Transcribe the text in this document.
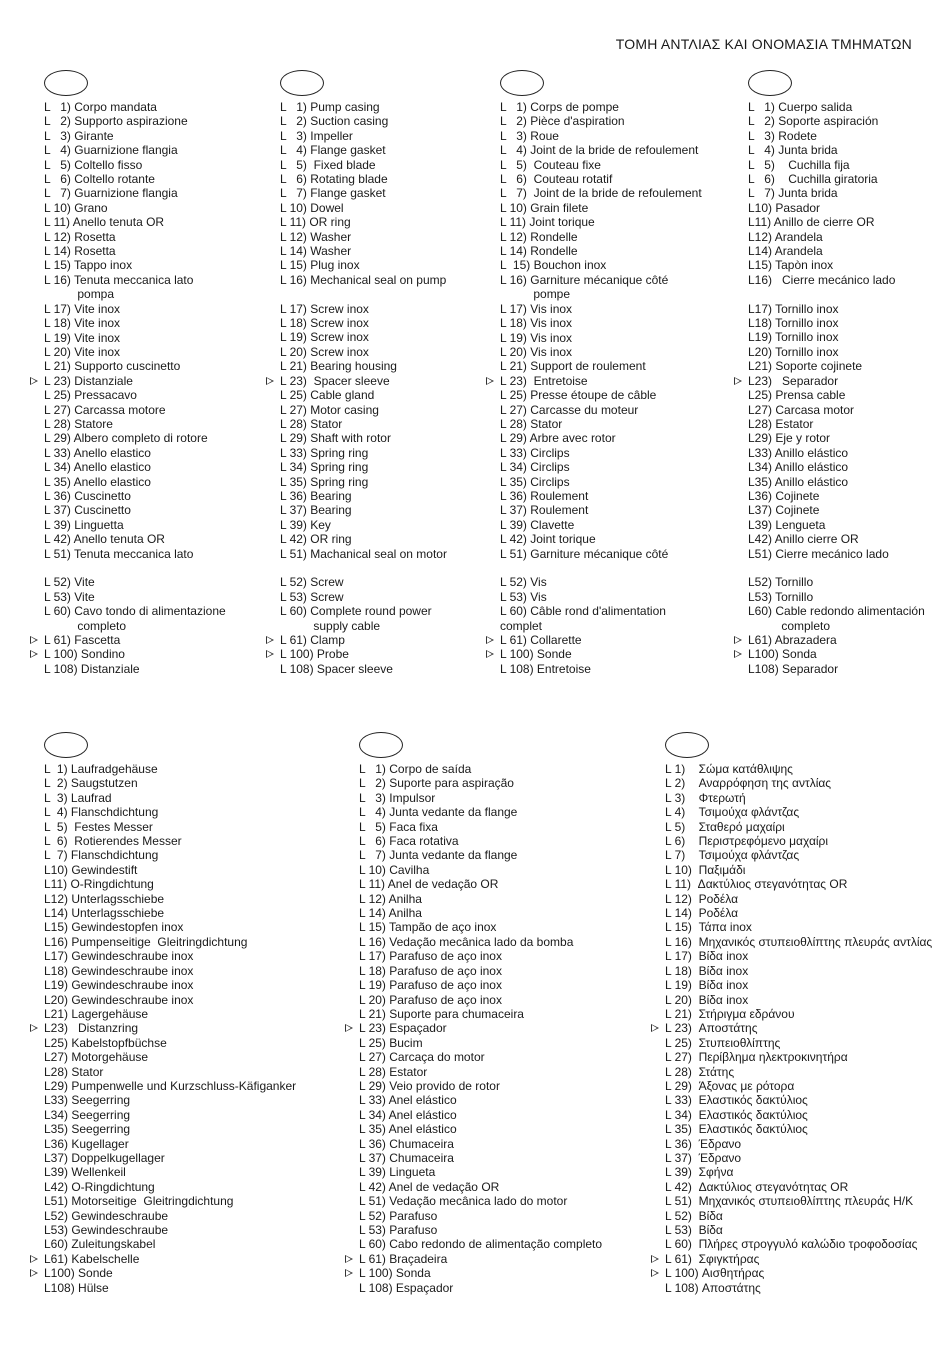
ΤΟΜΗ ΑΝΤΛΙΑΣ ΚΑΙ ΟΝΟΜΑΣΙΑ ΤΜΗΜΑΤΩΝ
L   1) Corpo mandata
L   2) Supporto aspirazione
L   3) Girante
L   4) Guarnizione flangia
L   5) Coltello fisso
L   6) Coltello rotante
L   7) Guarnizione flangia
L 10) Grano
L 11) Anello tenuta OR
L 12) Rosetta
L 14) Rosetta
L 15) Tappo inox
L 16) Tenuta meccanica lato
pompa
L 17) Vite inox
L 18) Vite inox
L 19) Vite inox
L 20) Vite inox
L 21) Supporto cuscinetto
L 23) Distanziale
L 25) Pressacavo
L 27) Carcassa motore
L 28) Statore
L 29) Albero completo di rotore
L 33) Anello elastico
L 34) Anello elastico
L 35) Anello elastico
L 36) Cuscinetto
L 37) Cuscinetto
L 39) Linguetta
L 42) Anello tenuta OR
L 51) Tenuta meccanica lato
L 52) Vite
L 53) Vite
L 60) Cavo tondo di alimentazione
completo
L 61) Fascetta
L 100) Sondino
L 108) Distanziale
L   1) Pump casing
L   2) Suction casing
L   3) Impeller
L   4) Flange gasket
L   5)  Fixed blade
L   6) Rotating blade
L   7) Flange gasket
L 10) Dowel
L 11) OR ring
L 12) Washer
L 14) Washer
L 15) Plug inox
L 16) Mechanical seal on pump
L 17) Screw inox
L 18) Screw inox
L 19) Screw inox
L 20) Screw inox
L 21) Bearing housing
L 23)  Spacer sleeve
L 25) Cable gland
L 27) Motor casing
L 28) Stator
L 29) Shaft with rotor
L 33) Spring ring
L 34) Spring ring
L 35) Spring ring
L 36) Bearing
L 37) Bearing
L 39) Key
L 42) OR ring
L 51) Machanical seal on motor
L 52) Screw
L 53) Screw
L 60) Complete round power
supply cable
L 61) Clamp
L 100) Probe
L 108) Spacer sleeve
L   1) Corps de pompe
L   2) Pièce d'aspiration
L   3) Roue
L   4) Joint de la bride de refoulement
L   5)  Couteau fixe
L   6)  Couteau rotatif
L   7)  Joint de la bride de refoulement
L 10) Grain filete
L 11) Joint torique
L 12) Rondelle
L 14) Rondelle
L  15) Bouchon inox
L 16) Garniture mécanique côté
pompe
L 17) Vis inox
L 18) Vis inox
L 19) Vis inox
L 20) Vis inox
L 21) Support de roulement
L 23)  Entretoise
L 25) Presse étoupe de câble
L 27) Carcasse du moteur
L 28) Stator
L 29) Arbre avec rotor
L 33) Circlips
L 34) Circlips
L 35) Circlips
L 36) Roulement
L 37) Roulement
L 39) Clavette
L 42) Joint torique
L 51) Garniture mécanique côté
L 52) Vis
L 53) Vis
L 60) Câble rond d'alimentation
complet
L 61) Collarette
L 100) Sonde
L 108) Entretoise
L   1) Cuerpo salida
L   2) Soporte aspiración
L   3) Rodete
L   4) Junta brida
L   5)    Cuchilla fija
L   6)    Cuchilla giratoria
L   7) Junta brida
L10) Pasador
L11) Anillo de cierre OR
L12) Arandela
L14) Arandela
L15) Tapòn inox
L16)   Cierre mecánico lado
L17) Tornillo inox
L18) Tornillo inox
L19) Tornillo inox
L20) Tornillo inox
L21) Soporte cojinete
L23)   Separador
L25) Prensa cable
L27) Carcasa motor
L28) Estator
L29) Eje y rotor
L33) Anillo elástico
L34) Anillo elástico
L35) Anillo elástico
L36) Cojinete
L37) Cojinete
L39) Lengueta
L42) Anillo cierre OR
L51) Cierre mecánico lado
L52) Tornillo
L53) Tornillo
L60) Cable redondo alimentación
completo
L61) Abrazadera
L100) Sonda
L108) Separador
L  1) Laufradgehäuse
L  2) Saugstutzen
L  3) Laufrad
L  4) Flanschdichtung
L  5)  Festes Messer
L  6)  Rotierendes Messer
L  7) Flanschdichtung
L10) Gewindestift
L11) O-Ringdichtung
L12) Unterlagsschiebe
L14) Unterlagsschiebe
L15) Gewindestopfen inox
L16) Pumpenseitige  Gleitringdichtung
L17) Gewindeschraube inox
L18) Gewindeschraube inox
L19) Gewindeschraube inox
L20) Gewindeschraube inox
L21) Lagergehäuse
L23)   Distanzring
L25) Kabelstopfbüchse
L27) Motorgehäuse
L28) Stator
L29) Pumpenwelle und Kurzschluss-Käfiganker
L33) Seegerring
L34) Seegerring
L35) Seegerring
L36) Kugellager
L37) Doppelkugellager
L39) Wellenkeil
L42) O-Ringdichtung
L51) Motorseitige  Gleitringdichtung
L52) Gewindeschraube
L53) Gewindeschraube
L60) Zuleitungskabel
L61) Kabelschelle
L100) Sonde
L108) Hülse
L   1) Corpo de saída
L   2) Suporte para aspiração
L   3) Impulsor
L   4) Junta vedante da flange
L   5) Faca fixa
L   6) Faca rotativa
L   7) Junta vedante da flange
L 10) Cavilha
L 11) Anel de vedação OR
L 12) Anilha
L 14) Anilha
L 15) Tampão de aço inox
L 16) Vedação mecânica lado da bomba
L 17) Parafuso de aço inox
L 18) Parafuso de aço inox
L 19) Parafuso de aço inox
L 20) Parafuso de aço inox
L 21) Suporte para chumaceira
L 23) Espaçador
L 25) Bucim
L 27) Carcaça do motor
L 28) Estator
L 29) Veio provido de rotor
L 33) Anel elástico
L 34) Anel elástico
L 35) Anel elástico
L 36) Chumaceira
L 37) Chumaceira
L 39) Lingueta
L 42) Anel de vedação OR
L 51) Vedação mecânica lado do motor
L 52) Parafuso
L 53) Parafuso
L 60) Cabo redondo de alimentação completo
L 61) Braçadeira
L 100) Sonda
L 108) Espaçador
L 1)    Σώμα κατάθλιψης
L 2)    Αναρρόφηση της αντλίας
L 3)    Φτερωτή
L 4)    Τσιμούχα φλάντζας
L 5)    Σταθερό μαχαίρι
L 6)    Περιστρεφόμενο μαχαίρι
L 7)    Τσιμούχα φλάντζας
L 10)  Παξιμάδι
L 11)  Δακτύλιος στεγανότητας OR
L 12)  Ροδέλα
L 14)  Ροδέλα
L 15)  Τάπα inox
L 16)  Μηχανικός στυπειοθλίπτης πλευράς αντλίας
L 17)  Βίδα inox
L 18)  Βίδα inox
L 19)  Βίδα inox
L 20)  Βίδα inox
L 21)  Στήριγμα εδράνου
L 23)  Αποστάτης
L 25)  Στυπειοθλίπτης
L 27)  Περίβλημα ηλεκτροκινητήρα
L 28)  Στάτης
L 29)  Άξονας με ρότορα
L 33)  Ελαστικός δακτύλιος
L 34)  Ελαστικός δακτύλιος
L 35)  Ελαστικός δακτύλιος
L 36)  Έδρανο
L 37)  Έδρανο
L 39)  Σφήνα
L 42)  Δακτύλιος στεγανότητας OR
L 51)  Μηχανικός στυπειοθλίπτης πλευράς Η/Κ
L 52)  Βίδα
L 53)  Βίδα
L 60)  Πλήρες στρογγυλό καλώδιο τροφοδοσίας
L 61)  Σφιγκτήρας
L 100) Αισθητήρας
L 108) Αποστάτης
